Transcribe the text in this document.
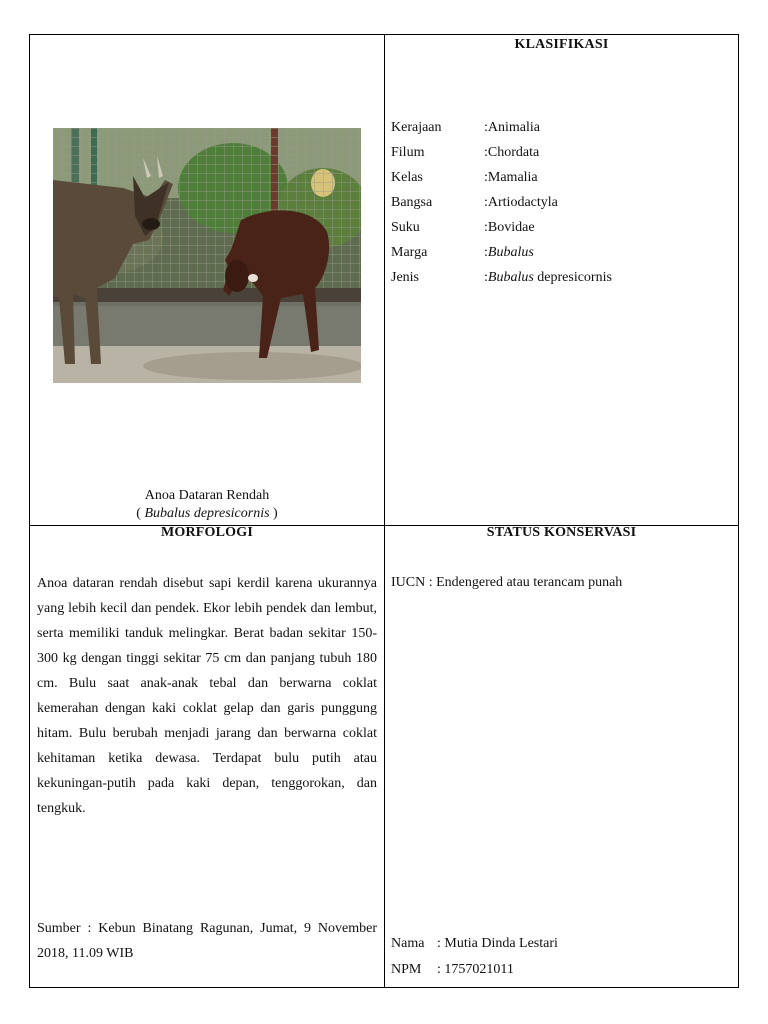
Anoa Dataran Rendah
( Bubalus depresicornis )
KLASIFIKASI
Kerajaan	: Animalia
Filum	: Chordata
Kelas	: Mamalia
Bangsa	: Artiodactyla
Suku	: Bovidae
Marga	: Bubalus
Jenis	: Bubalus depresicornis
MORFOLOGI
Anoa dataran rendah disebut sapi kerdil karena ukurannya yang lebih kecil dan pendek. Ekor lebih pendek dan lembut, serta memiliki tanduk melingkar. Berat badan sekitar 150-300 kg dengan tinggi sekitar 75 cm dan panjang tubuh 180 cm. Bulu saat anak-anak tebal dan berwarna coklat kemerahan dengan kaki coklat gelap dan garis punggung hitam. Bulu berubah menjadi jarang dan berwarna coklat kehitaman ketika dewasa. Terdapat bulu putih atau kekuningan-putih pada kaki depan, tenggorokan, dan tengkuk.
Sumber : Kebun Binatang Ragunan, Jumat, 9 November 2018, 11.09 WIB
STATUS KONSERVASI
IUCN : Endengered atau terancam punah
Nama : Mutia Dinda Lestari
NPM	: 1757021011
